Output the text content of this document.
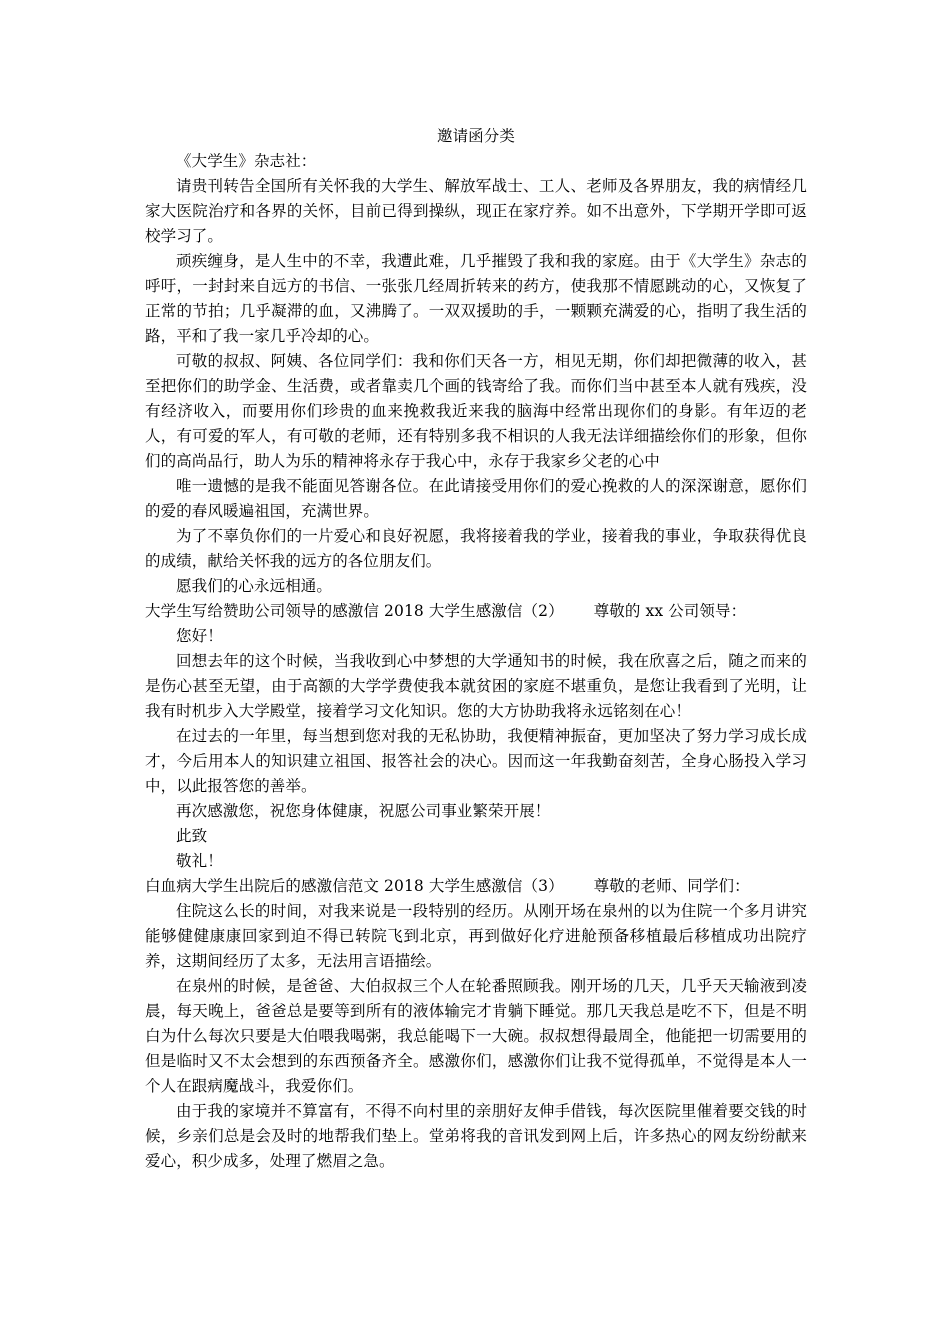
邀请函分类

《大学生》杂志社：

请贵刊转告全国所有关怀我的大学生、解放军战士、工人、老师及各界朋友，我的病情经几家大医院治疗和各界的关怀，目前已得到操纵，现正在家疗养。如不出意外，下学期开学即可返校学习了。

顽疾缠身，是人生中的不幸，我遭此难，几乎摧毁了我和我的家庭。由于《大学生》杂志的呼吁，一封封来自远方的书信、一张张几经周折转来的药方，使我那不情愿跳动的心，又恢复了正常的节拍；几乎凝滞的血，又沸腾了。一双双援助的手，一颗颗充满爱的心，指明了我生活的路，平和了我一家几乎冷却的心。

可敬的叔叔、阿姨、各位同学们：我和你们天各一方，相见无期，你们却把微薄的收入，甚至把你们的助学金、生活费，或者靠卖几个画的钱寄给了我。而你们当中甚至本人就有残疾，没有经济收入，而要用你们珍贵的血来挽救我近来我的脑海中经常出现你们的身影。有年迈的老人，有可爱的军人，有可敬的老师，还有特别多我不相识的人我无法详细描绘你们的形象，但你们的高尚品行，助人为乐的精神将永存于我心中，永存于我家乡父老的心中

唯一遗憾的是我不能面见答谢各位。在此请接受用你们的爱心挽救的人的深深谢意，愿你们的爱的春风暖遍祖国，充满世界。

为了不辜负你们的一片爱心和良好祝愿，我将接着我的学业，接着我的事业，争取获得优良的成绩，献给关怀我的远方的各位朋友们。

愿我们的心永远相通。

大学生写给赞助公司领导的感激信 2018 大学生感激信（2） 尊敬的 xx 公司领导：

您好！

回想去年的这个时候，当我收到心中梦想的大学通知书的时候，我在欣喜之后，随之而来的是伤心甚至无望，由于高额的大学学费使我本就贫困的家庭不堪重负，是您让我看到了光明，让我有时机步入大学殿堂，接着学习文化知识。您的大方协助我将永远铭刻在心！

在过去的一年里，每当想到您对我的无私协助，我便精神振奋，更加坚决了努力学习成长成才，今后用本人的知识建立祖国、报答社会的决心。因而这一年我勤奋刻苦，全身心肠投入学习中，以此报答您的善举。

再次感激您，祝您身体健康，祝愿公司事业繁荣开展！

此致

敬礼！

白血病大学生出院后的感激信范文 2018 大学生感激信（3） 尊敬的老师、同学们：

住院这么长的时间，对我来说是一段特别的经历。从刚开场在泉州的以为住院一个多月讲究能够健健康康回家到迫不得已转院飞到北京，再到做好化疗进舱预备移植最后移植成功出院疗养，这期间经历了太多，无法用言语描绘。

在泉州的时候，是爸爸、大伯叔叔三个人在轮番照顾我。刚开场的几天，几乎天天输液到凌晨，每天晚上，爸爸总是要等到所有的液体输完才肯躺下睡觉。那几天我总是吃不下，但是不明白为什么每次只要是大伯喂我喝粥，我总能喝下一大碗。叔叔想得最周全，他能把一切需要用的但是临时又不太会想到的东西预备齐全。感激你们，感激你们让我不觉得孤单，不觉得是本人一个人在跟病魔战斗，我爱你们。

由于我的家境并不算富有，不得不向村里的亲朋好友伸手借钱，每次医院里催着要交钱的时候，乡亲们总是会及时的地帮我们垫上。堂弟将我的音讯发到网上后，许多热心的网友纷纷献来爱心，积少成多，处理了燃眉之急。
